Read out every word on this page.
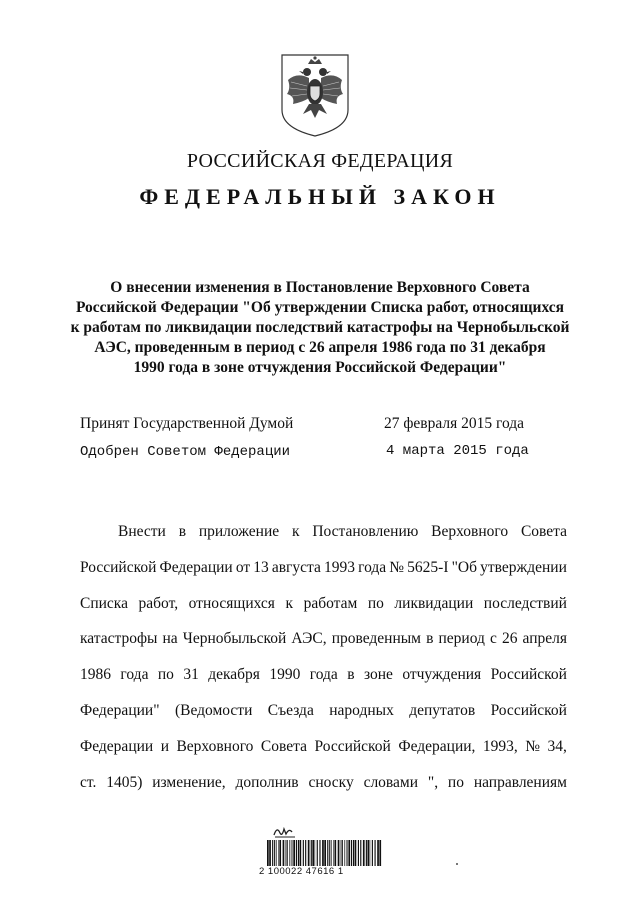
РОССИЙСКАЯ ФЕДЕРАЦИЯ
ФЕДЕРАЛЬНЫЙ ЗАКОН
О внесении изменения в Постановление Верховного Совета
Российской Федерации "Об утверждении Списка работ, относящихся
к работам по ликвидации последствий катастрофы на Чернобыльской
АЭС, проведенным в период с 26 апреля 1986 года по 31 декабря
1990 года в зоне отчуждения Российской Федерации"
Принят Государственной Думой	27 февраля 2015 года
Одобрен Советом Федерации	4 марта 2015 года
Внести в приложение к Постановлению Верховного Совета
Российской Федерации от 13 августа 1993 года № 5625-I "Об утверждении
Списка работ, относящихся к работам по ликвидации последствий
катастрофы на Чернобыльской АЭС, проведенным в период с 26 апреля
1986 года по 31 декабря 1990 года в зоне отчуждения Российской
Федерации" (Ведомости Съезда народных депутатов Российской
Федерации и Верховного Совета Российской Федерации, 1993, № 34,
ст. 1405) изменение, дополнив сноску словами ", по направлениям
2 100022 47616 1
